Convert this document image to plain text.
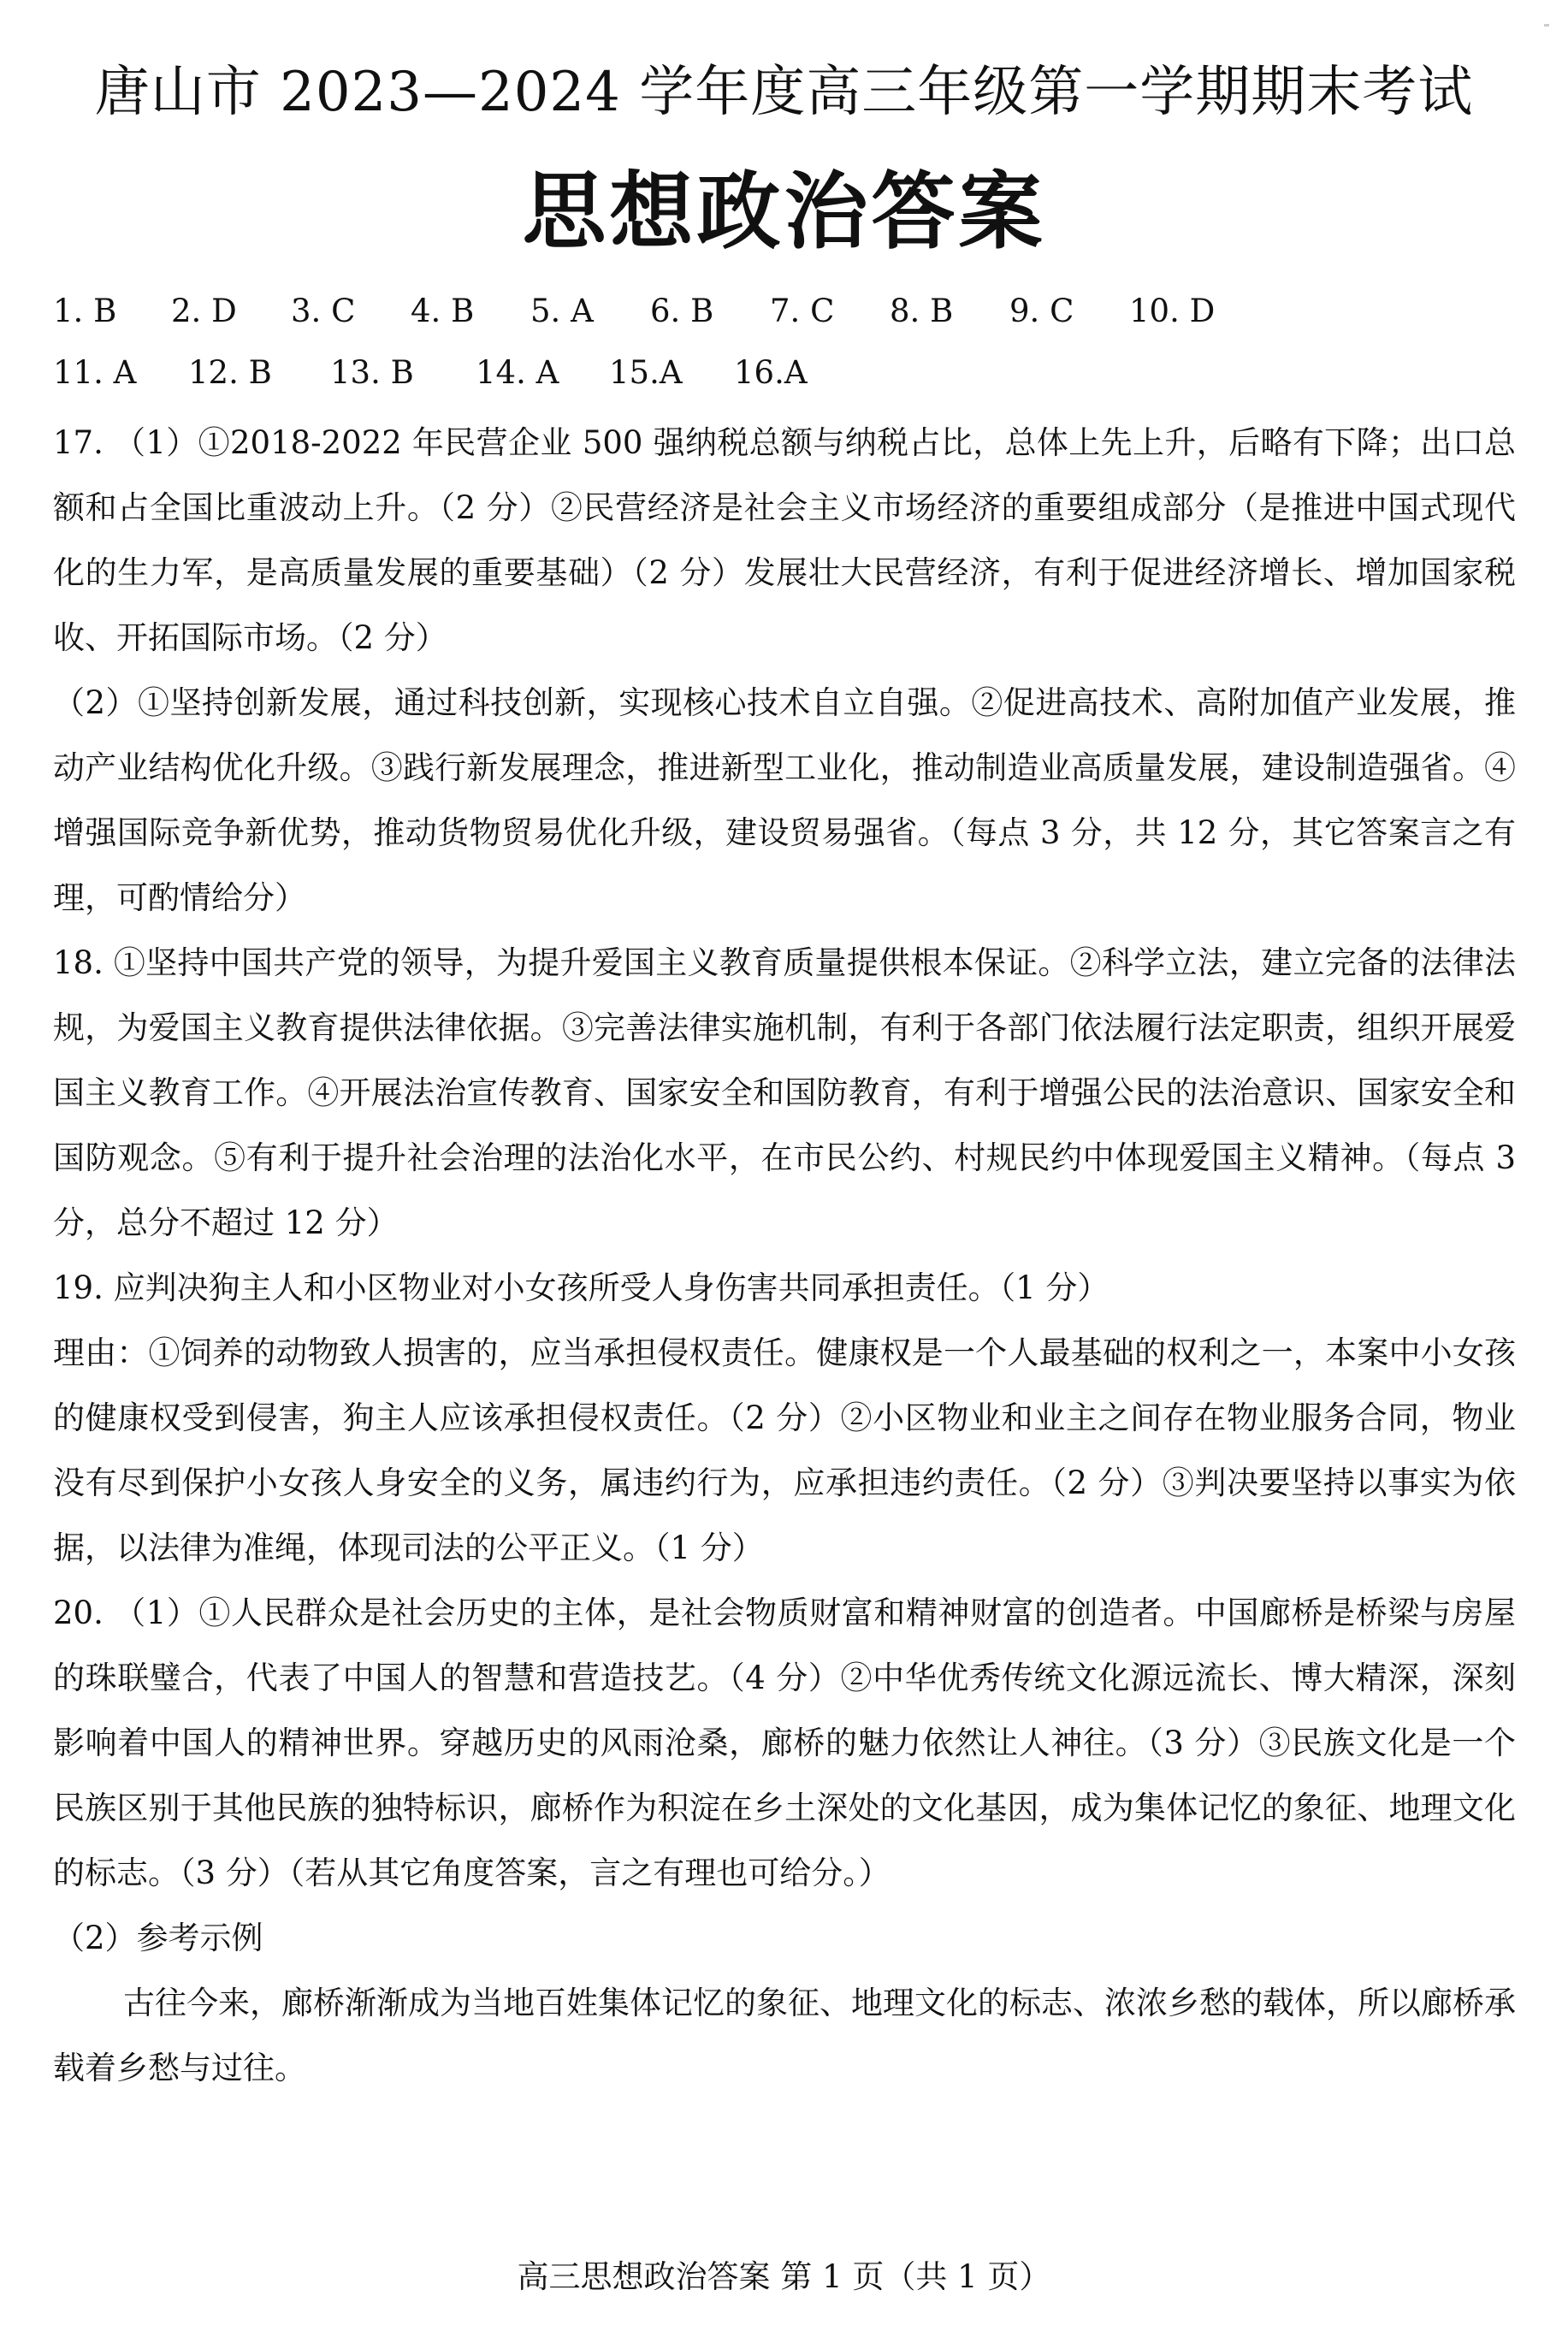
唐山市 2023—2024 学年度高三年级第一学期期末考试
思想政治答案
1. B 2. D 3. C 4. B 5. A 6. B 7. C 8. B 9. C 10. D
11. A 12. B 13. B 14. A 15.A 16.A

17. （1）①2018-2022 年民营企业 500 强纳税总额与纳税占比，总体上先上升，后略有下降；出口总额和占全国比重波动上升。（2 分）②民营经济是社会主义市场经济的重要组成部分（是推进中国式现代化的生力军，是高质量发展的重要基础）（2 分）发展壮大民营经济，有利于促进经济增长、增加国家税收、开拓国际市场。（2 分）

（2）①坚持创新发展，通过科技创新，实现核心技术自立自强。②促进高技术、高附加值产业发展，推动产业结构优化升级。③践行新发展理念，推进新型工业化，推动制造业高质量发展，建设制造强省。④增强国际竞争新优势，推动货物贸易优化升级，建设贸易强省。（每点 3 分，共 12 分，其它答案言之有理，可酌情给分）

18. ①坚持中国共产党的领导，为提升爱国主义教育质量提供根本保证。②科学立法，建立完备的法律法规，为爱国主义教育提供法律依据。③完善法律实施机制，有利于各部门依法履行法定职责，组织开展爱国主义教育工作。④开展法治宣传教育、国家安全和国防教育，有利于增强公民的法治意识、国家安全和国防观念。⑤有利于提升社会治理的法治化水平，在市民公约、村规民约中体现爱国主义精神。（每点 3 分，总分不超过 12 分）

19. 应判决狗主人和小区物业对小女孩所受人身伤害共同承担责任。（1 分）

理由：①饲养的动物致人损害的，应当承担侵权责任。健康权是一个人最基础的权利之一，本案中小女孩的健康权受到侵害，狗主人应该承担侵权责任。（2 分）②小区物业和业主之间存在物业服务合同，物业没有尽到保护小女孩人身安全的义务，属违约行为，应承担违约责任。（2 分）③判决要坚持以事实为依据，以法律为准绳，体现司法的公平正义。（1 分）

20. （1）①人民群众是社会历史的主体，是社会物质财富和精神财富的创造者。中国廊桥是桥梁与房屋的珠联璧合，代表了中国人的智慧和营造技艺。（4 分）②中华优秀传统文化源远流长、博大精深，深刻影响着中国人的精神世界。穿越历史的风雨沧桑，廊桥的魅力依然让人神往。（3 分）③民族文化是一个民族区别于其他民族的独特标识，廊桥作为积淀在乡土深处的文化基因，成为集体记忆的象征、地理文化的标志。（3 分）（若从其它角度答案，言之有理也可给分。）

（2）参考示例

古往今来，廊桥渐渐成为当地百姓集体记忆的象征、地理文化的标志、浓浓乡愁的载体，所以廊桥承载着乡愁与过往。

高三思想政治答案 第 1 页（共 1 页）
